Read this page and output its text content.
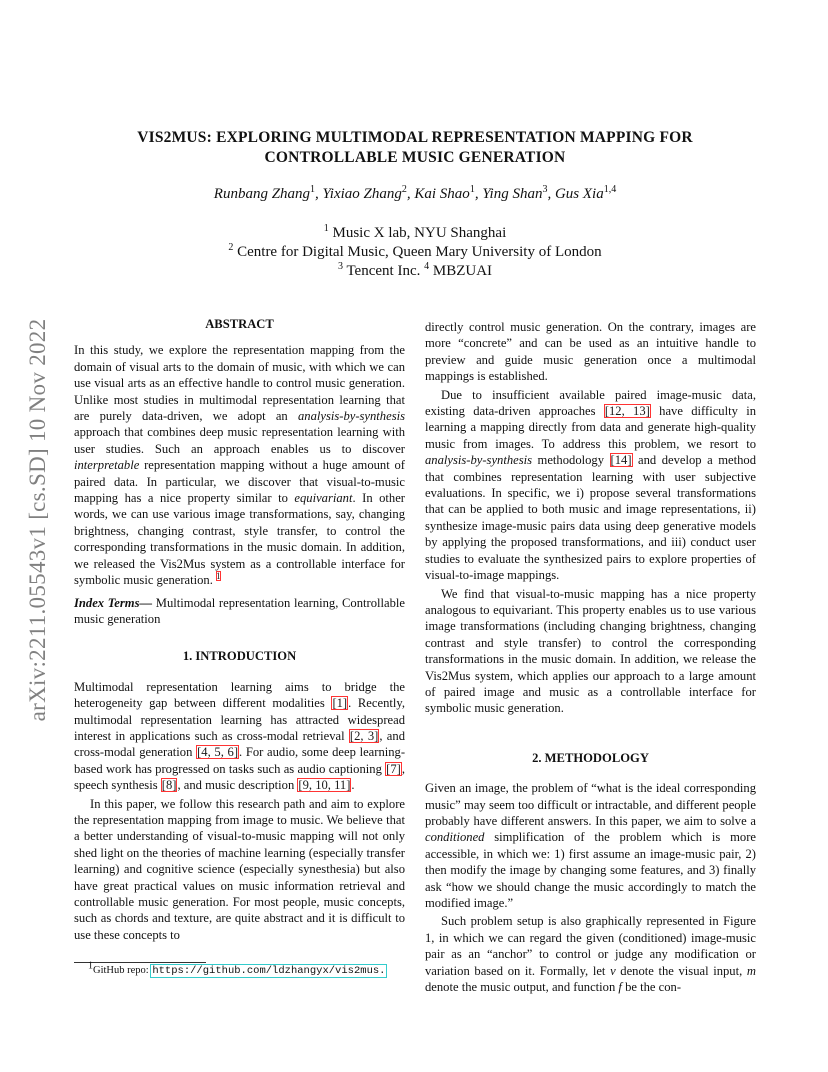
arXiv:2211.05543v1 [cs.SD] 10 Nov 2022
VIS2MUS: EXPLORING MULTIMODAL REPRESENTATION MAPPING FOR
CONTROLLABLE MUSIC GENERATION
Runbang Zhang$^1$, Yixiao Zhang$^2$, Kai Shao$^1$, Ying Shan$^3$, Gus Xia$^{1,4}$
$^1$ Music X lab, NYU Shanghai
$^2$ Centre for Digital Music, Queen Mary University of London
$^3$ Tencent Inc. $^4$ MBZUAI

ABSTRACT

In this study, we explore the representation mapping from the domain of visual arts to the domain of music, with which we can use visual arts as an effective handle to control music generation. Unlike most studies in multimodal representation learning that are purely data-driven, we adopt an analysis-by-synthesis approach that combines deep music representation learning with user studies. Such an approach enables us to discover interpretable representation mapping without a huge amount of paired data. In particular, we discover that visual-to-music mapping has a nice property similar to equivariant. In other words, we can use various image transformations, say, changing brightness, changing contrast, style transfer, to control the corresponding transformations in the music domain. In addition, we released the Vis2Mus system as a controllable interface for symbolic music generation. $^1$

Index Terms— Multimodal representation learning, Controllable music generation

1. INTRODUCTION

Multimodal representation learning aims to bridge the heterogeneity gap between different modalities [1]. Recently, multimodal representation learning has attracted widespread interest in applications such as cross-modal retrieval [2, 3], and cross-modal generation [4, 5, 6]. For audio, some deep learning-based work has progressed on tasks such as audio captioning [7], speech synthesis [8], and music description [9, 10, 11].

In this paper, we follow this research path and aim to explore the representation mapping from image to music. We believe that a better understanding of visual-to-music mapping will not only shed light on the theories of machine learning (especially transfer learning) and cognitive science (especially synesthesia) but also have great practical values on music information retrieval and controllable music generation. For most people, music concepts, such as chords and texture, are quite abstract and it is difficult to use these concepts to

directly control music generation. On the contrary, images are more “concrete” and can be used as an intuitive handle to preview and guide music generation once a multimodal mappings is established.

Due to insufficient available paired image-music data, existing data-driven approaches [12, 13] have difficulty in learning a mapping directly from data and generate high-quality music from images. To address this problem, we resort to analysis-by-synthesis methodology [14] and develop a method that combines representation learning with user subjective evaluations. In specific, we i) propose several transformations that can be applied to both music and image representations, ii) synthesize image-music pairs data using deep generative models by applying the proposed transformations, and iii) conduct user studies to evaluate the synthesized pairs to explore properties of visual-to-image mappings.

We find that visual-to-music mapping has a nice property analogous to equivariant. This property enables us to use various image transformations (including changing brightness, changing contrast and style transfer) to control the corresponding transformations in the music domain. In addition, we release the Vis2Mus system, which applies our approach to a large amount of paired image and music as a controllable interface for symbolic music generation.

2. METHODOLOGY

Given an image, the problem of “what is the ideal corresponding music” may seem too difficult or intractable, and different people probably have different answers. In this paper, we aim to solve a conditioned simplification of the problem which is more accessible, in which we: 1) first assume an image-music pair, 2) then modify the image by changing some features, and 3) finally ask “how we should change the music accordingly to match the modified image.”

Such problem setup is also graphically represented in Figure 1, in which we can regard the given (conditioned) image-music pair as an “anchor” to control or judge any modification or variation based on it. Formally, let v denote the visual input, m denote the music output, and function f be the con-

$^1$GitHub repo: https://github.com/ldzhangyx/vis2mus.
